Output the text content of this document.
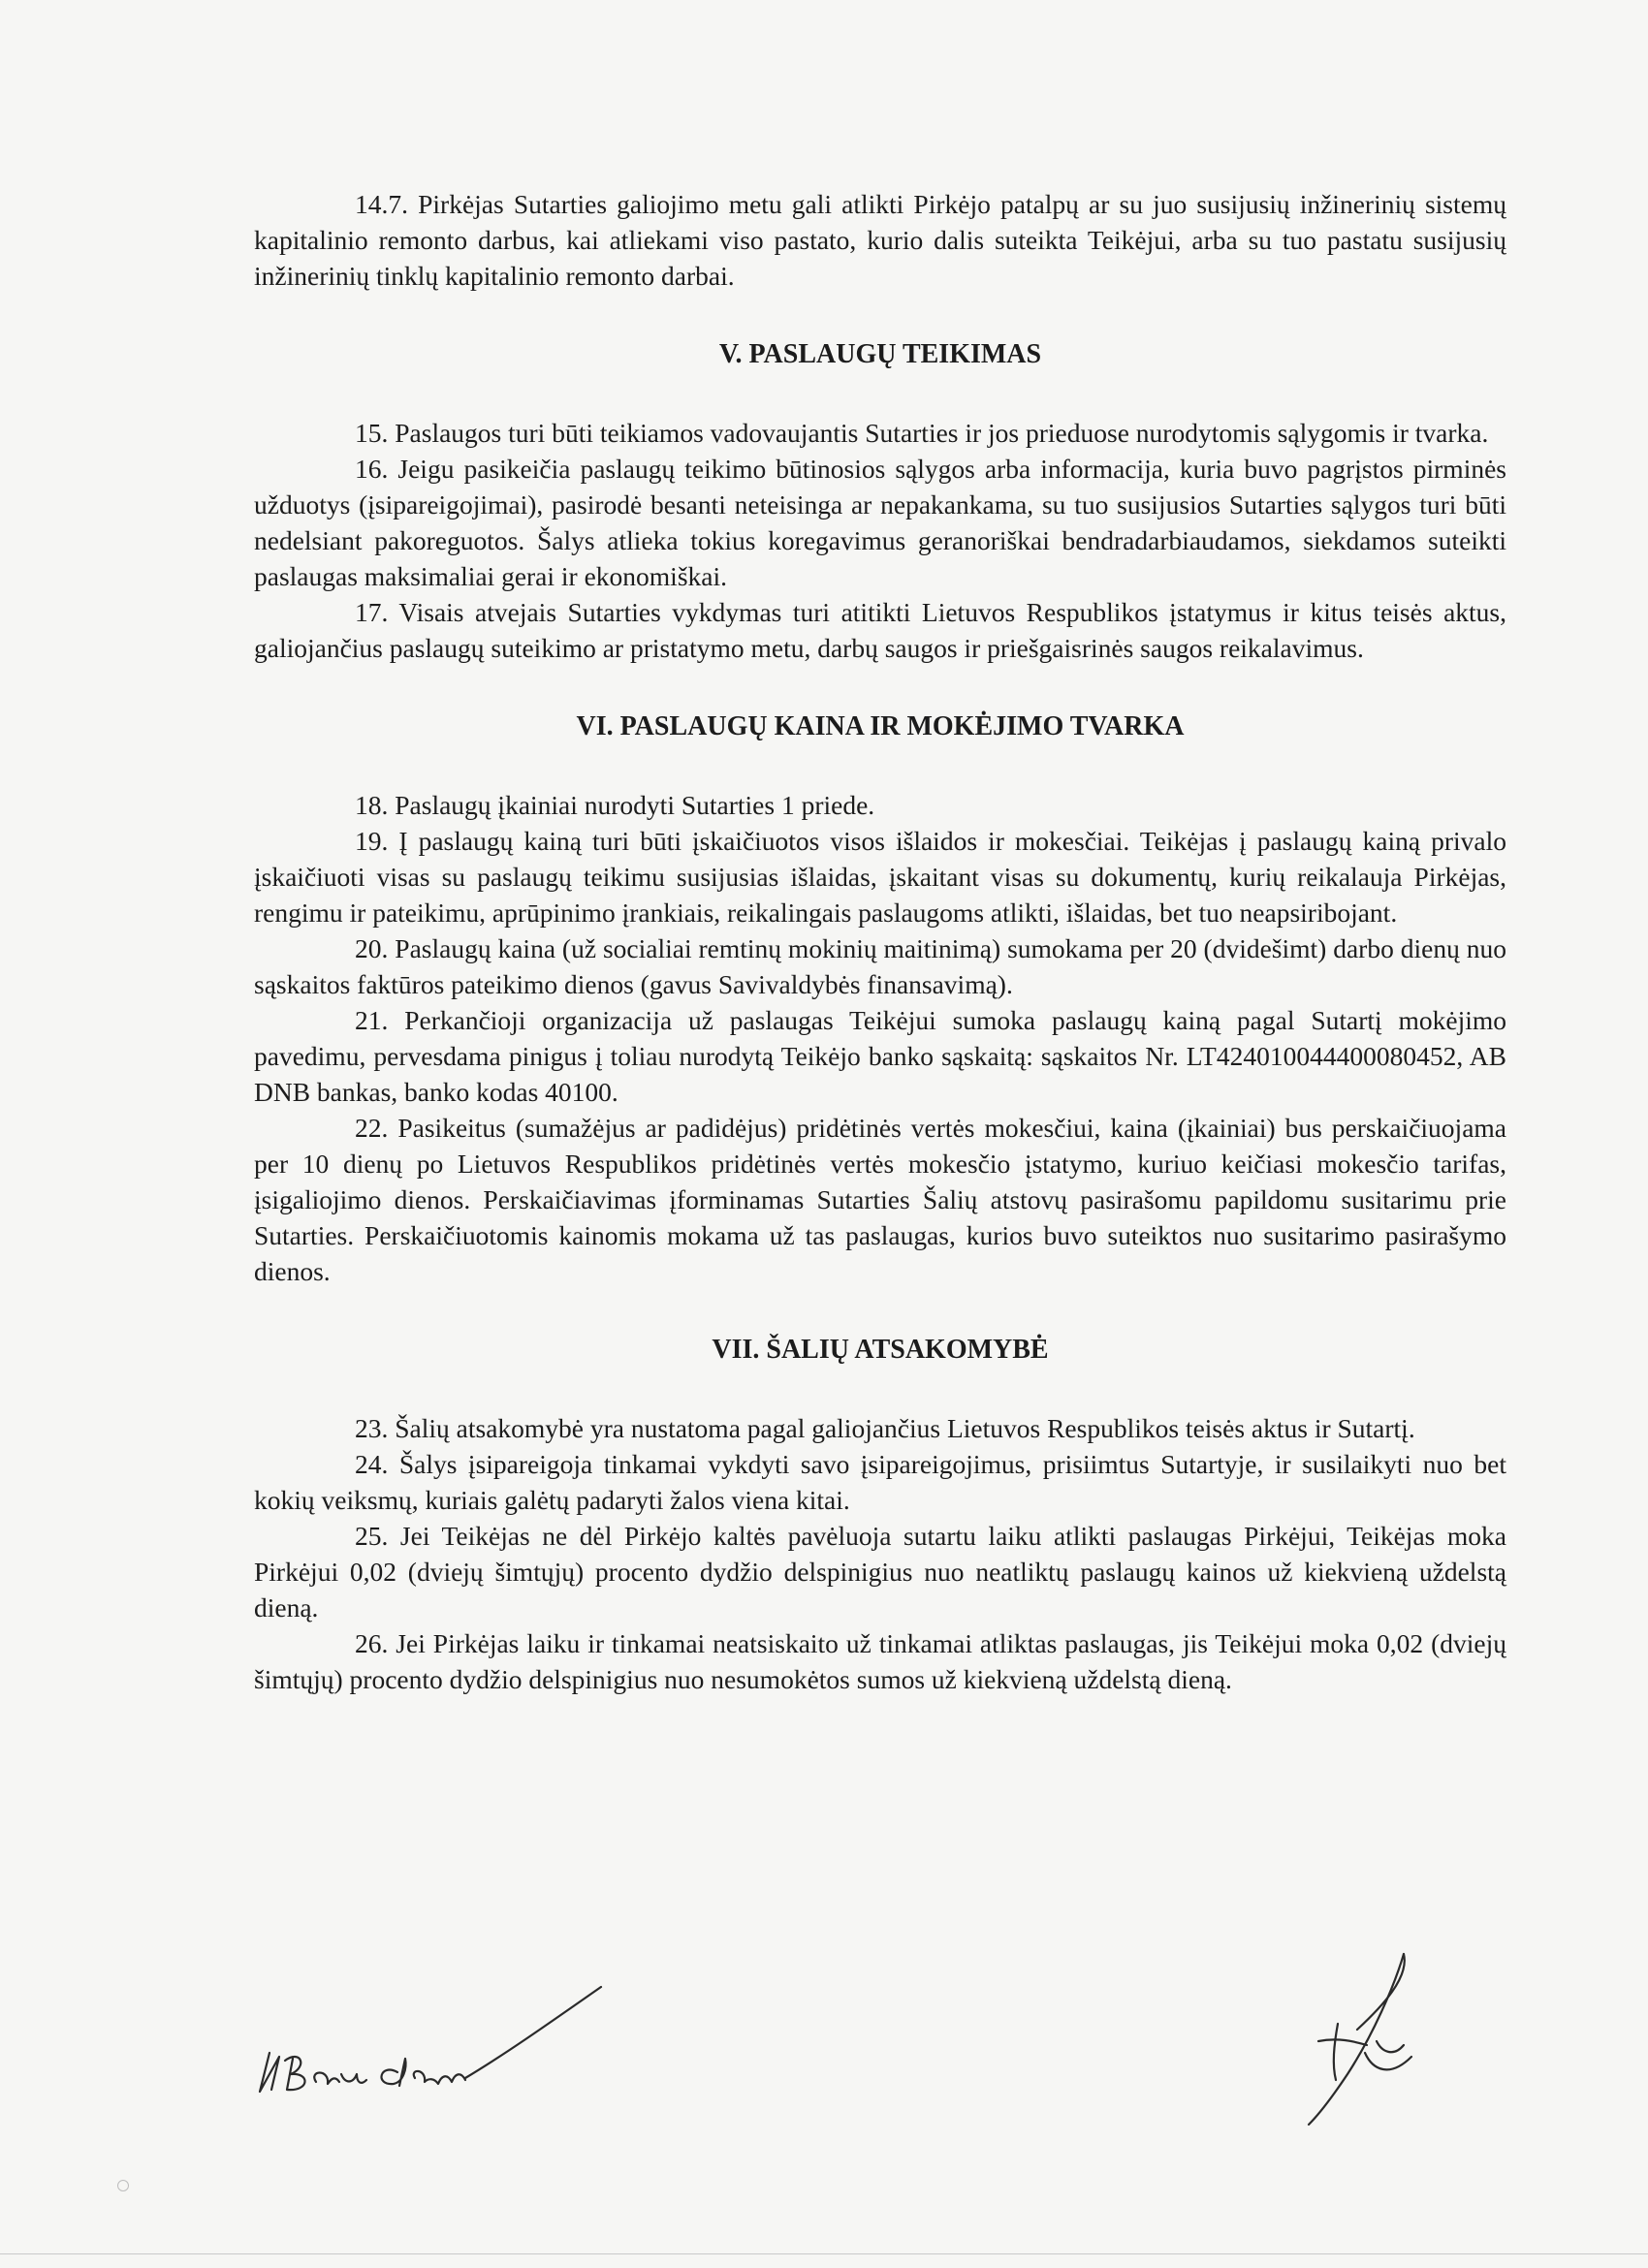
14.7. Pirkėjas Sutarties galiojimo metu gali atlikti Pirkėjo patalpų ar su juo susijusių inžinerinių sistemų kapitalinio remonto darbus, kai atliekami viso pastato, kurio dalis suteikta Teikėjui, arba su tuo pastatu susijusių inžinerinių tinklų kapitalinio remonto darbai.

V. PASLAUGŲ TEIKIMAS

15. Paslaugos turi būti teikiamos vadovaujantis Sutarties ir jos prieduose nurodytomis sąlygomis ir tvarka.

16. Jeigu pasikeičia paslaugų teikimo būtinosios sąlygos arba informacija, kuria buvo pagrįstos pirminės užduotys (įsipareigojimai), pasirodė besanti neteisinga ar nepakankama, su tuo susijusios Sutarties sąlygos turi būti nedelsiant pakoreguotos. Šalys atlieka tokius koregavimus geranoriškai bendradarbiaudamos, siekdamos suteikti paslaugas maksimaliai gerai ir ekonomiškai.

17. Visais atvejais Sutarties vykdymas turi atitikti Lietuvos Respublikos įstatymus ir kitus teisės aktus, galiojančius paslaugų suteikimo ar pristatymo metu, darbų saugos ir priešgaisrinės saugos reikalavimus.

VI. PASLAUGŲ KAINA IR MOKĖJIMO TVARKA

18. Paslaugų įkainiai nurodyti Sutarties 1 priede.

19. Į paslaugų kainą turi būti įskaičiuotos visos išlaidos ir mokesčiai. Teikėjas į paslaugų kainą privalo įskaičiuoti visas su paslaugų teikimu susijusias išlaidas, įskaitant visas su dokumentų, kurių reikalauja Pirkėjas, rengimu ir pateikimu, aprūpinimo įrankiais, reikalingais paslaugoms atlikti, išlaidas, bet tuo neapsiribojant.

20. Paslaugų kaina (už socialiai remtinų mokinių maitinimą) sumokama per 20 (dvidešimt) darbo dienų nuo sąskaitos faktūros pateikimo dienos (gavus Savivaldybės finansavimą).

21. Perkančioji organizacija už paslaugas Teikėjui sumoka paslaugų kainą pagal Sutartį mokėjimo pavedimu, pervesdama pinigus į toliau nurodytą Teikėjo banko sąskaitą: sąskaitos Nr. LT424010044400080452, AB DNB bankas, banko kodas 40100.

22. Pasikeitus (sumažėjus ar padidėjus) pridėtinės vertės mokesčiui, kaina (įkainiai) bus perskaičiuojama per 10 dienų po Lietuvos Respublikos pridėtinės vertės mokesčio įstatymo, kuriuo keičiasi mokesčio tarifas, įsigaliojimo dienos. Perskaičiavimas įforminamas Sutarties Šalių atstovų pasirašomu papildomu susitarimu prie Sutarties. Perskaičiuotomis kainomis mokama už tas paslaugas, kurios buvo suteiktos nuo susitarimo pasirašymo dienos.

VII. ŠALIŲ ATSAKOMYBĖ

23. Šalių atsakomybė yra nustatoma pagal galiojančius Lietuvos Respublikos teisės aktus ir Sutartį.

24. Šalys įsipareigoja tinkamai vykdyti savo įsipareigojimus, prisiimtus Sutartyje, ir susilaikyti nuo bet kokių veiksmų, kuriais galėtų padaryti žalos viena kitai.

25. Jei Teikėjas ne dėl Pirkėjo kaltės pavėluoja sutartu laiku atlikti paslaugas Pirkėjui, Teikėjas moka Pirkėjui 0,02 (dviejų šimtųjų) procento dydžio delspinigius nuo neatliktų paslaugų kainos už kiekvieną uždelstą dieną.

26. Jei Pirkėjas laiku ir tinkamai neatsiskaito už tinkamai atliktas paslaugas, jis Teikėjui moka 0,02 (dviejų šimtųjų) procento dydžio delspinigius nuo nesumokėtos sumos už kiekvieną uždelstą dieną.
